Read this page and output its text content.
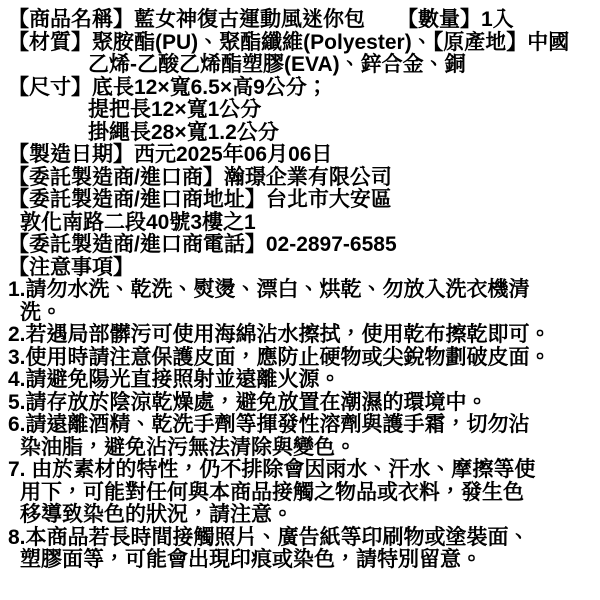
【商品名稱】藍女神復古運動風迷你包 【數量】1入
【材質】聚胺酯(PU)、聚酯纖維(Polyester)、【原產地】中國
乙烯-乙酸乙烯酯塑膠(EVA)、鋅合金、銅
【尺寸】底長12×寬6.5×高9公分；
提把長12×寬1公分
掛繩長28×寬1.2公分
【製造日期】西元2025年06月06日
【委託製造商/進口商】瀚璟企業有限公司
【委託製造商/進口商地址】台北市大安區
敦化南路二段40號3樓之1
【委託製造商/進口商電話】02-2897-6585
【注意事項】
1.請勿水洗、乾洗、熨燙、漂白、烘乾、勿放入洗衣機清
洗。
2.若遇局部髒污可使用海綿沾水擦拭，使用乾布擦乾即可。
3.使用時請注意保護皮面，應防止硬物或尖銳物劃破皮面。
4.請避免陽光直接照射並遠離火源。
5.請存放於陰涼乾燥處，避免放置在潮濕的環境中。
6.請遠離酒精、乾洗手劑等揮發性溶劑與護手霜，切勿沾
染油脂，避免沾污無法清除與變色。
7. 由於素材的特性，仍不排除會因雨水、汗水、摩擦等使
用下，可能對任何與本商品接觸之物品或衣料，發生色
移導致染色的狀況，請注意。
8.本商品若長時間接觸照片、廣告紙等印刷物或塗裝面、
塑膠面等，可能會出現印痕或染色，請特別留意。
